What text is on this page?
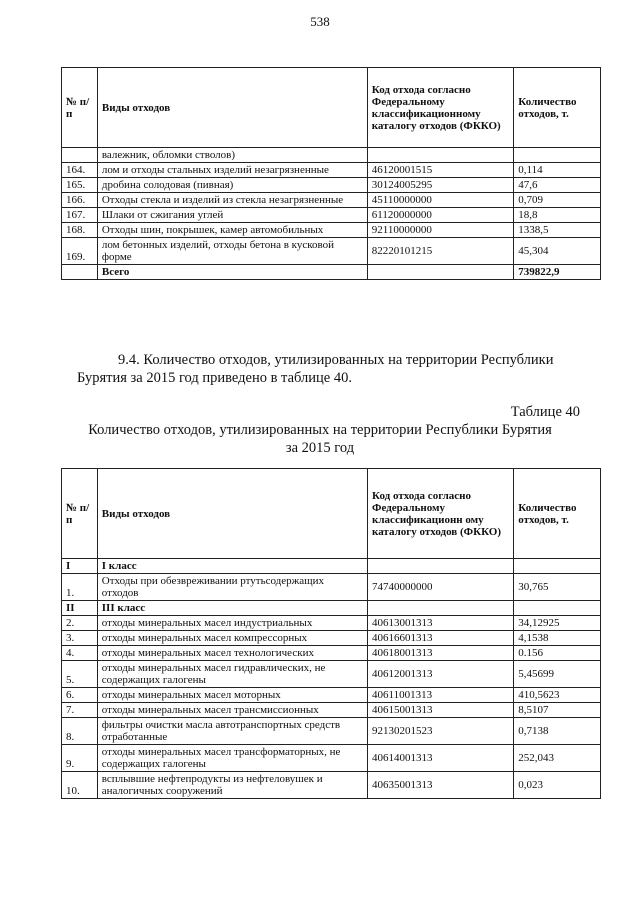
538
№ п/п	Виды отходов	Код отхода согласно Федеральному классификационному каталогу отходов (ФККО)	Количество отходов, т.
	валежник, обломки стволов)		
164.	лом и отходы стальных изделий незагрязненные	46120001515	0,114
165.	дробина солодовая (пивная)	30124005295	47,6
166.	Отходы стекла и изделий из стекла незагрязненные	45110000000	0,709
167.	Шлаки от сжигания углей	61120000000	18,8
168.	Отходы шин, покрышек, камер автомобильных	92110000000	1338,5
169.	лом бетонных изделий, отходы бетона в кусковой форме	82220101215	45,304
	Всего		739822,9
9.4. Количество отходов, утилизированных на территории Республики
Бурятия за 2015 год приведено в таблице 40.
Таблице 40
Количество отходов, утилизированных на территории Республики Бурятия
за 2015 год
№ п/п	Виды отходов	Код отхода согласно Федеральному классификационн ому каталогу отходов (ФККО)	Количество отходов, т.
I	I класс		
1.	Отходы при обезвреживании ртутьсодержащих отходов	74740000000	30,765
II	III класс		
2.	отходы минеральных масел индустриальных	40613001313	34,12925
3.	отходы минеральных масел компрессорных	40616601313	4,1538
4.	отходы минеральных масел технологических	40618001313	0.156
5.	отходы минеральных масел гидравлических, не содержащих галогены	40612001313	5,45699
6.	отходы минеральных масел моторных	40611001313	410,5623
7.	отходы минеральных масел трансмиссионных	40615001313	8,5107
8.	фильтры очистки масла автотранспортных средств отработанные	92130201523	0,7138
9.	отходы минеральных масел трансформаторных, не содержащих галогены	40614001313	252,043
10.	всплывшие нефтепродукты из нефтеловушек и аналогичных сооружений	40635001313	0,023
